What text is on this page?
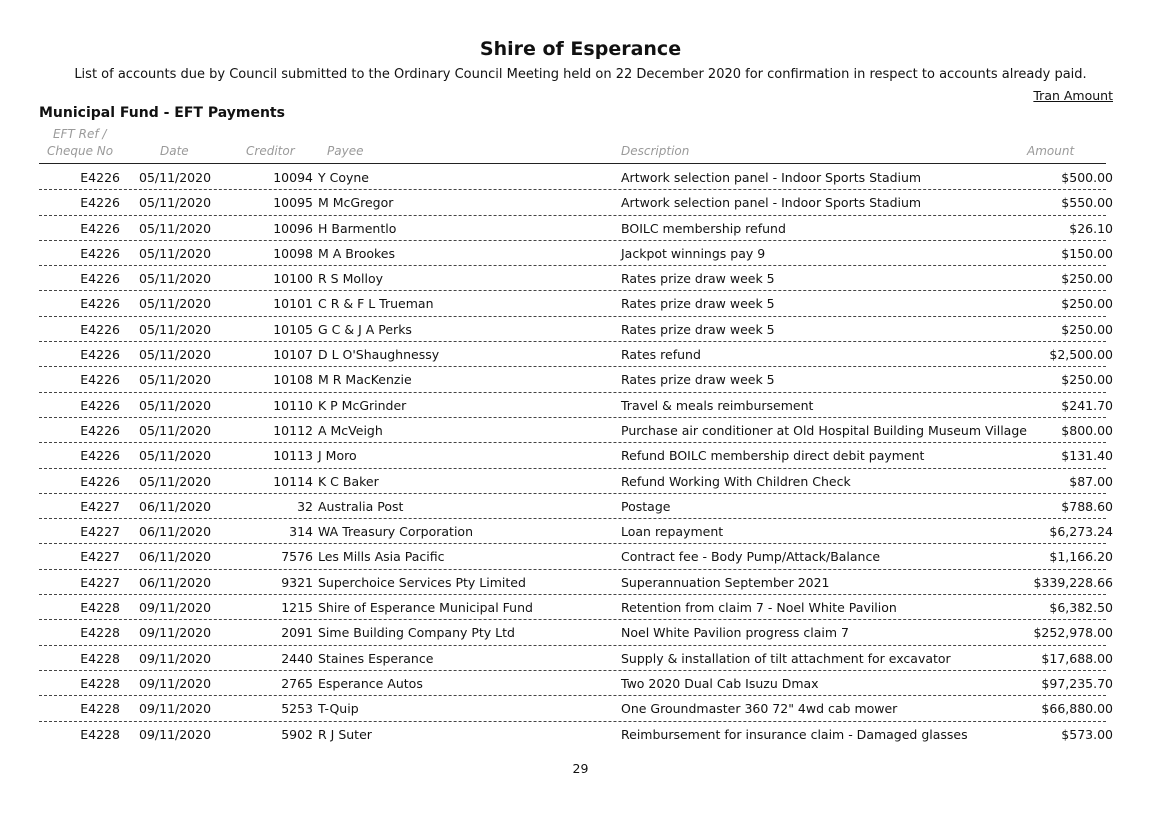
Shire of Esperance
List of accounts due by Council submitted to the Ordinary Council Meeting held on 22 December 2020 for confirmation in respect to accounts already paid.
Tran Amount
Municipal Fund - EFT Payments
EFT Ref /
Cheque No	Date	Creditor	Payee	Description	Amount
E4226 05/11/2020	10094 Y Coyne	Artwork selection panel - Indoor Sports Stadium	$500.00
E4226 05/11/2020	10095 M McGregor	Artwork selection panel - Indoor Sports Stadium	$550.00
E4226 05/11/2020	10096 H Barmentlo	BOILC membership refund	$26.10
E4226 05/11/2020	10098 M A Brookes	Jackpot winnings pay 9	$150.00
E4226 05/11/2020	10100 R S Molloy	Rates prize draw week 5	$250.00
E4226 05/11/2020	10101 C R & F L Trueman	Rates prize draw week 5	$250.00
E4226 05/11/2020	10105 G C & J A Perks	Rates prize draw week 5	$250.00
E4226 05/11/2020	10107 D L O'Shaughnessy	Rates refund	$2,500.00
E4226 05/11/2020	10108 M R MacKenzie	Rates prize draw week 5	$250.00
E4226 05/11/2020	10110 K P McGrinder	Travel & meals reimbursement	$241.70
E4226 05/11/2020	10112 A McVeigh	Purchase air conditioner at Old Hospital Building Museum Village	$800.00
E4226 05/11/2020	10113 J Moro	Refund BOILC membership direct debit payment	$131.40
E4226 05/11/2020	10114 K C Baker	Refund Working With Children Check	$87.00
E4227 06/11/2020	32 Australia Post	Postage	$788.60
E4227 06/11/2020	314 WA Treasury Corporation	Loan repayment	$6,273.24
E4227 06/11/2020	7576 Les Mills Asia Pacific	Contract fee - Body Pump/Attack/Balance	$1,166.20
E4227 06/11/2020	9321 Superchoice Services Pty Limited	Superannuation September 2021	$339,228.66
E4228 09/11/2020	1215 Shire of Esperance Municipal Fund	Retention from claim 7 - Noel White Pavilion	$6,382.50
E4228 09/11/2020	2091 Sime Building Company Pty Ltd	Noel White Pavilion progress claim 7	$252,978.00
E4228 09/11/2020	2440 Staines Esperance	Supply & installation of tilt attachment for excavator	$17,688.00
E4228 09/11/2020	2765 Esperance Autos	Two 2020 Dual Cab Isuzu Dmax	$97,235.70
E4228 09/11/2020	5253 T-Quip	One Groundmaster 360 72" 4wd cab mower	$66,880.00
E4228 09/11/2020	5902 R J Suter	Reimbursement for insurance claim - Damaged glasses	$573.00
29
